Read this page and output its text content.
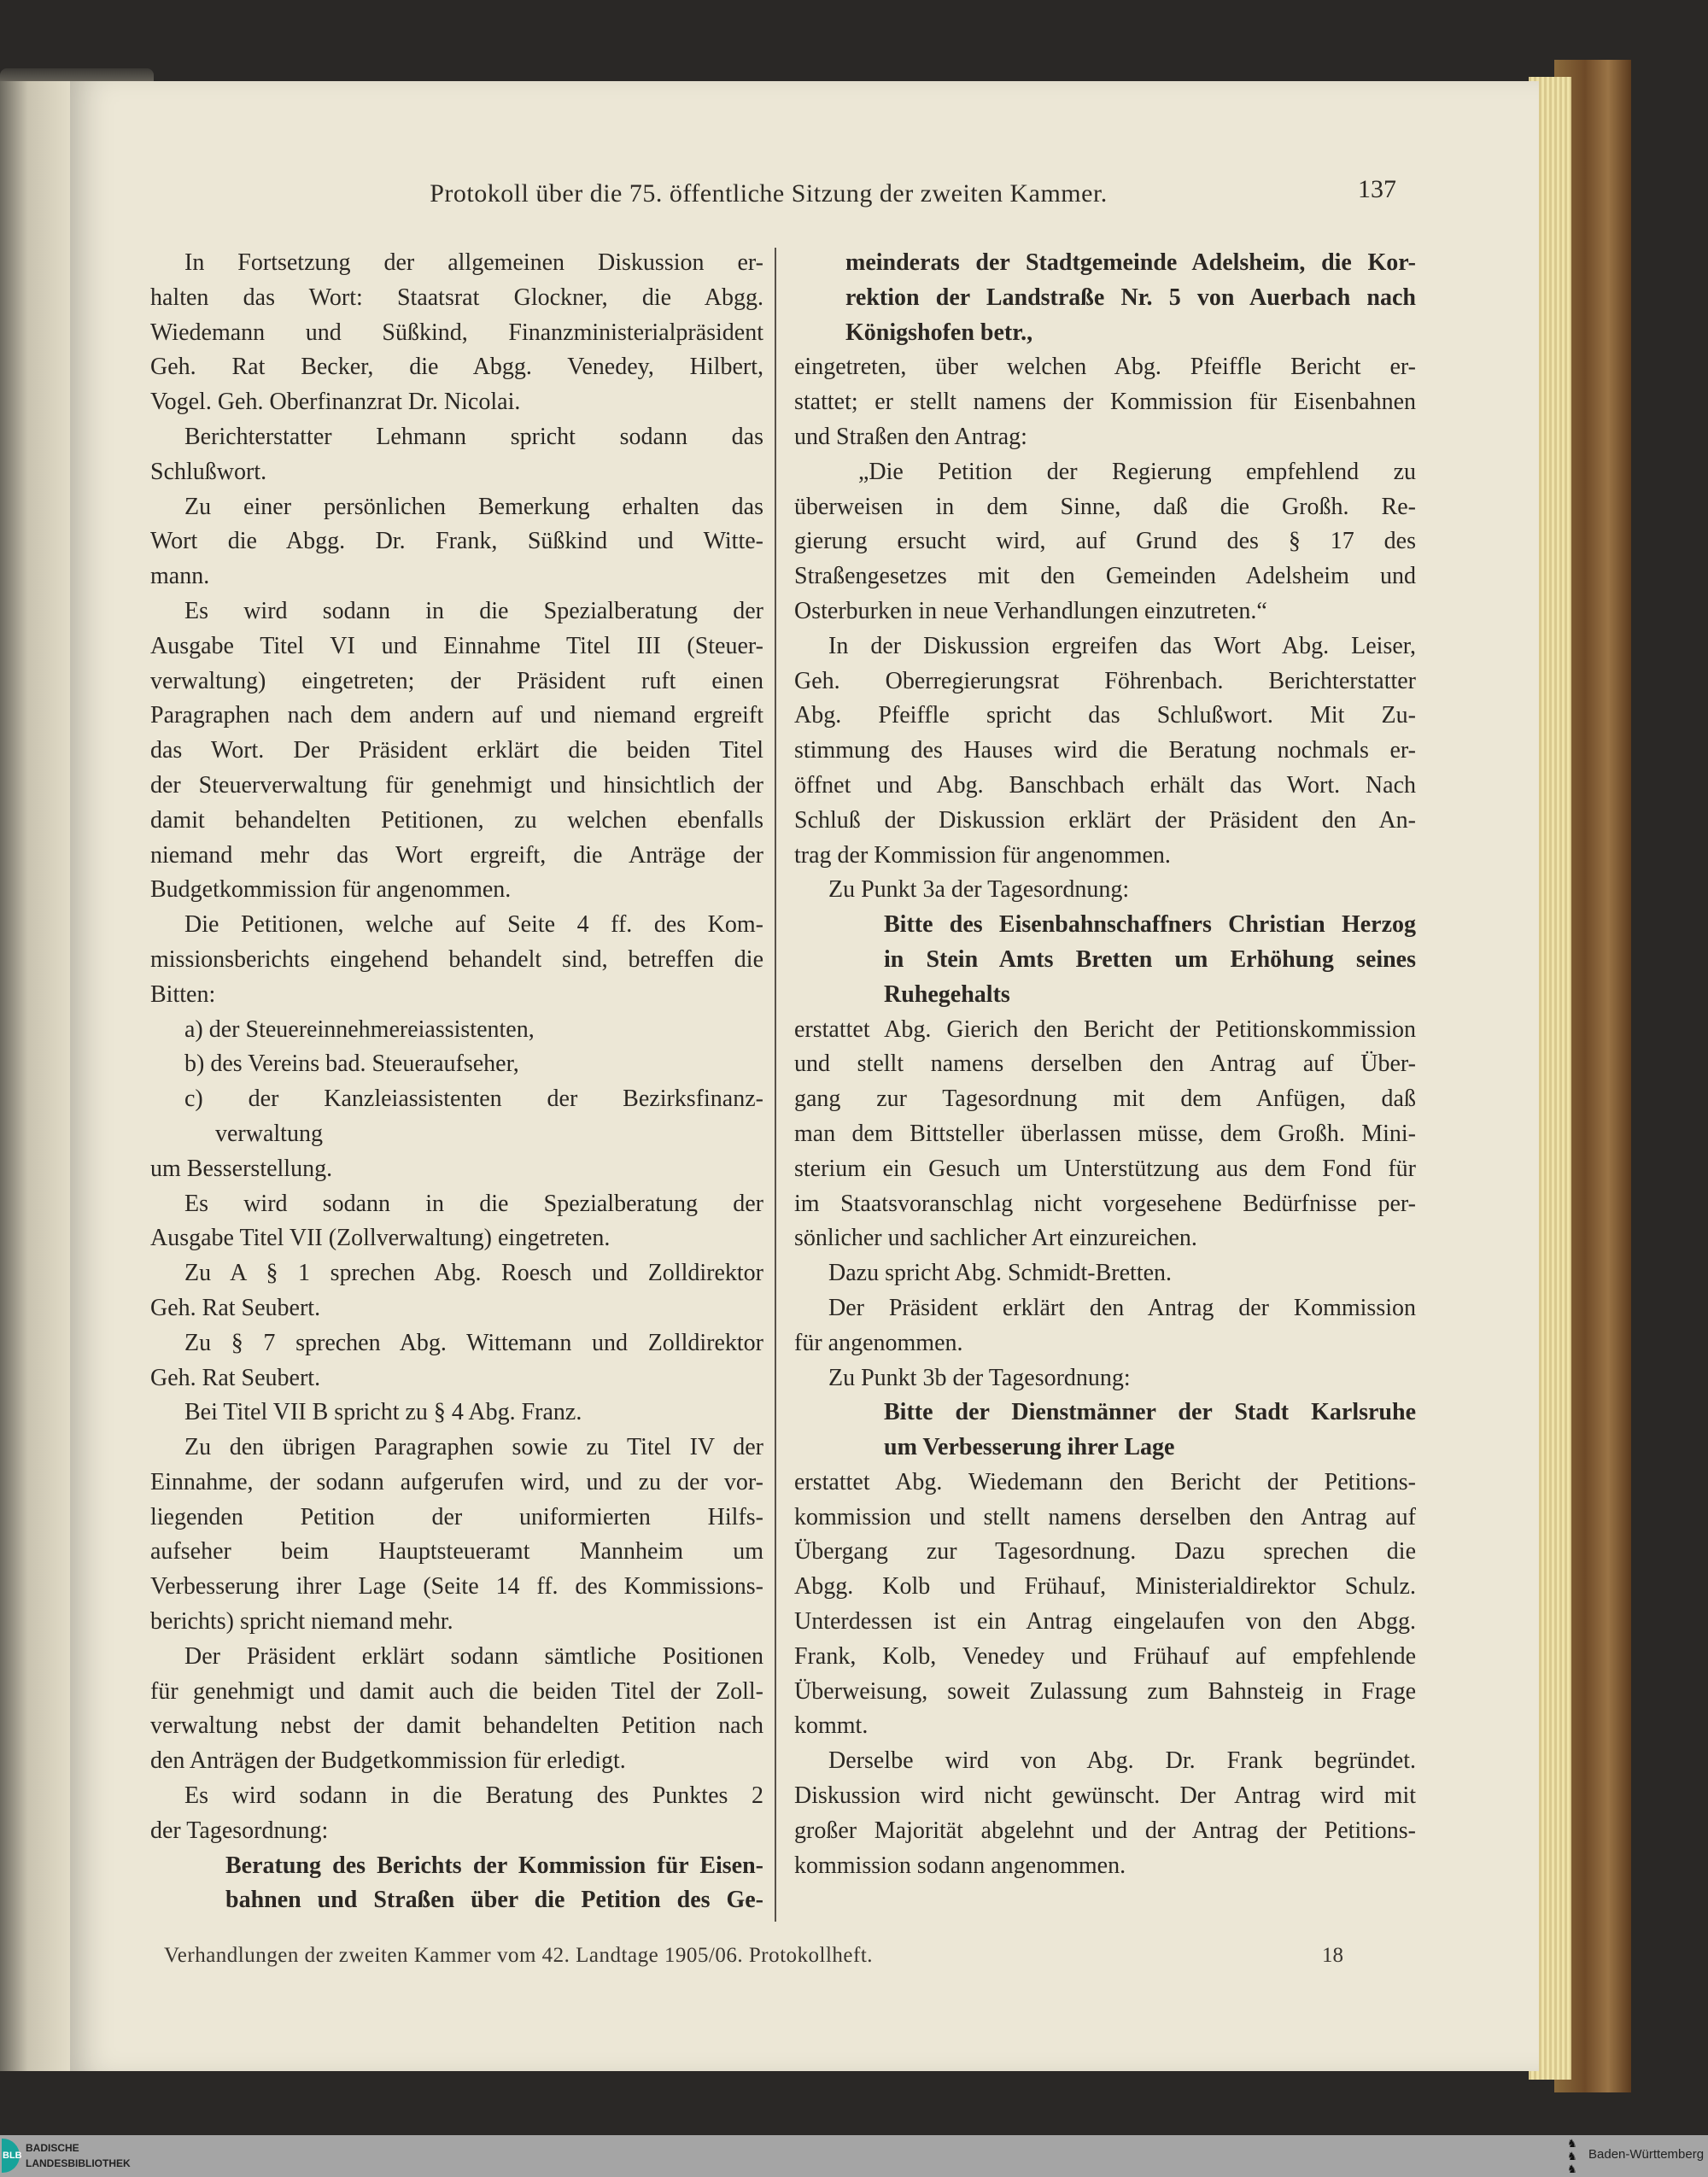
Protokoll über die 75. öffentliche Sitzung der zweiten Kammer.	137
In Fortsetzung der allgemeinen Diskussion er-
halten das Wort: Staatsrat Glockner, die Abgg.
Wiedemann und Süßkind, Finanzministerialpräsident
Geh. Rat Becker, die Abgg. Venedey, Hilbert,
Vogel. Geh. Oberfinanzrat Dr. Nicolai.
Berichterstatter Lehmann spricht sodann das
Schlußwort.
Zu einer persönlichen Bemerkung erhalten das
Wort die Abgg. Dr. Frank, Süßkind und Witte-
mann.
Es wird sodann in die Spezialberatung der
Ausgabe Titel VI und Einnahme Titel III (Steuer-
verwaltung) eingetreten; der Präsident ruft einen
Paragraphen nach dem andern auf und niemand ergreift
das Wort. Der Präsident erklärt die beiden Titel
der Steuerverwaltung für genehmigt und hinsichtlich der
damit behandelten Petitionen, zu welchen ebenfalls
niemand mehr das Wort ergreift, die Anträge der
Budgetkommission für angenommen.
Die Petitionen, welche auf Seite 4 ff. des Kom-
missionsberichts eingehend behandelt sind, betreffen die
Bitten:
a) der Steuereinnehmereiassistenten,
b) des Vereins bad. Steueraufseher,
c) der Kanzleiassistenten der Bezirksfinanz-
verwaltung
um Besserstellung.
Es wird sodann in die Spezialberatung der
Ausgabe Titel VII (Zollverwaltung) eingetreten.
Zu A § 1 sprechen Abg. Roesch und Zolldirektor
Geh. Rat Seubert.
Zu § 7 sprechen Abg. Wittemann und Zolldirektor
Geh. Rat Seubert.
Bei Titel VII B spricht zu § 4 Abg. Franz.
Zu den übrigen Paragraphen sowie zu Titel IV der
Einnahme, der sodann aufgerufen wird, und zu der vor-
liegenden Petition der uniformierten Hilfs-
aufseher beim Hauptsteueramt Mannheim um
Verbesserung ihrer Lage (Seite 14 ff. des Kommissions-
berichts) spricht niemand mehr.
Der Präsident erklärt sodann sämtliche Positionen
für genehmigt und damit auch die beiden Titel der Zoll-
verwaltung nebst der damit behandelten Petition nach
den Anträgen der Budgetkommission für erledigt.
Es wird sodann in die Beratung des Punktes 2
der Tagesordnung:
Beratung des Berichts der Kommission für Eisen-
bahnen und Straßen über die Petition des Ge-
meinderats der Stadtgemeinde Adelsheim, die Kor-
rektion der Landstraße Nr. 5 von Auerbach nach
Königshofen betr.,
eingetreten, über welchen Abg. Pfeiffle Bericht er-
stattet; er stellt namens der Kommission für Eisenbahnen
und Straßen den Antrag:
„Die Petition der Regierung empfehlend zu
überweisen in dem Sinne, daß die Großh. Re-
gierung ersucht wird, auf Grund des § 17 des
Straßengesetzes mit den Gemeinden Adelsheim und
Osterburken in neue Verhandlungen einzutreten.“
In der Diskussion ergreifen das Wort Abg. Leiser,
Geh. Oberregierungsrat Föhrenbach. Berichterstatter
Abg. Pfeiffle spricht das Schlußwort. Mit Zu-
stimmung des Hauses wird die Beratung nochmals er-
öffnet und Abg. Banschbach erhält das Wort. Nach
Schluß der Diskussion erklärt der Präsident den An-
trag der Kommission für angenommen.
Zu Punkt 3a der Tagesordnung:
Bitte des Eisenbahnschaffners Christian Herzog
in Stein Amts Bretten um Erhöhung seines
Ruhegehalts
erstattet Abg. Gierich den Bericht der Petitionskommission
und stellt namens derselben den Antrag auf Über-
gang zur Tagesordnung mit dem Anfügen, daß
man dem Bittsteller überlassen müsse, dem Großh. Mini-
sterium ein Gesuch um Unterstützung aus dem Fond für
im Staatsvoranschlag nicht vorgesehene Bedürfnisse per-
sönlicher und sachlicher Art einzureichen.
Dazu spricht Abg. Schmidt-Bretten.
Der Präsident erklärt den Antrag der Kommission
für angenommen.
Zu Punkt 3b der Tagesordnung:
Bitte der Dienstmänner der Stadt Karlsruhe
um Verbesserung ihrer Lage
erstattet Abg. Wiedemann den Bericht der Petitions-
kommission und stellt namens derselben den Antrag auf
Übergang zur Tagesordnung. Dazu sprechen die
Abgg. Kolb und Frühauf, Ministerialdirektor Schulz.
Unterdessen ist ein Antrag eingelaufen von den Abgg.
Frank, Kolb, Venedey und Frühauf auf empfehlende
Überweisung, soweit Zulassung zum Bahnsteig in Frage
kommt.
Derselbe wird von Abg. Dr. Frank begründet.
Diskussion wird nicht gewünscht. Der Antrag wird mit
großer Majorität abgelehnt und der Antrag der Petitions-
kommission sodann angenommen.
Verhandlungen der zweiten Kammer vom 42. Landtage 1905/06. Protokollheft.	18
BLB
BADISCHE
LANDESBIBLIOTHEK
♞
♞
♞
Baden-Württemberg
